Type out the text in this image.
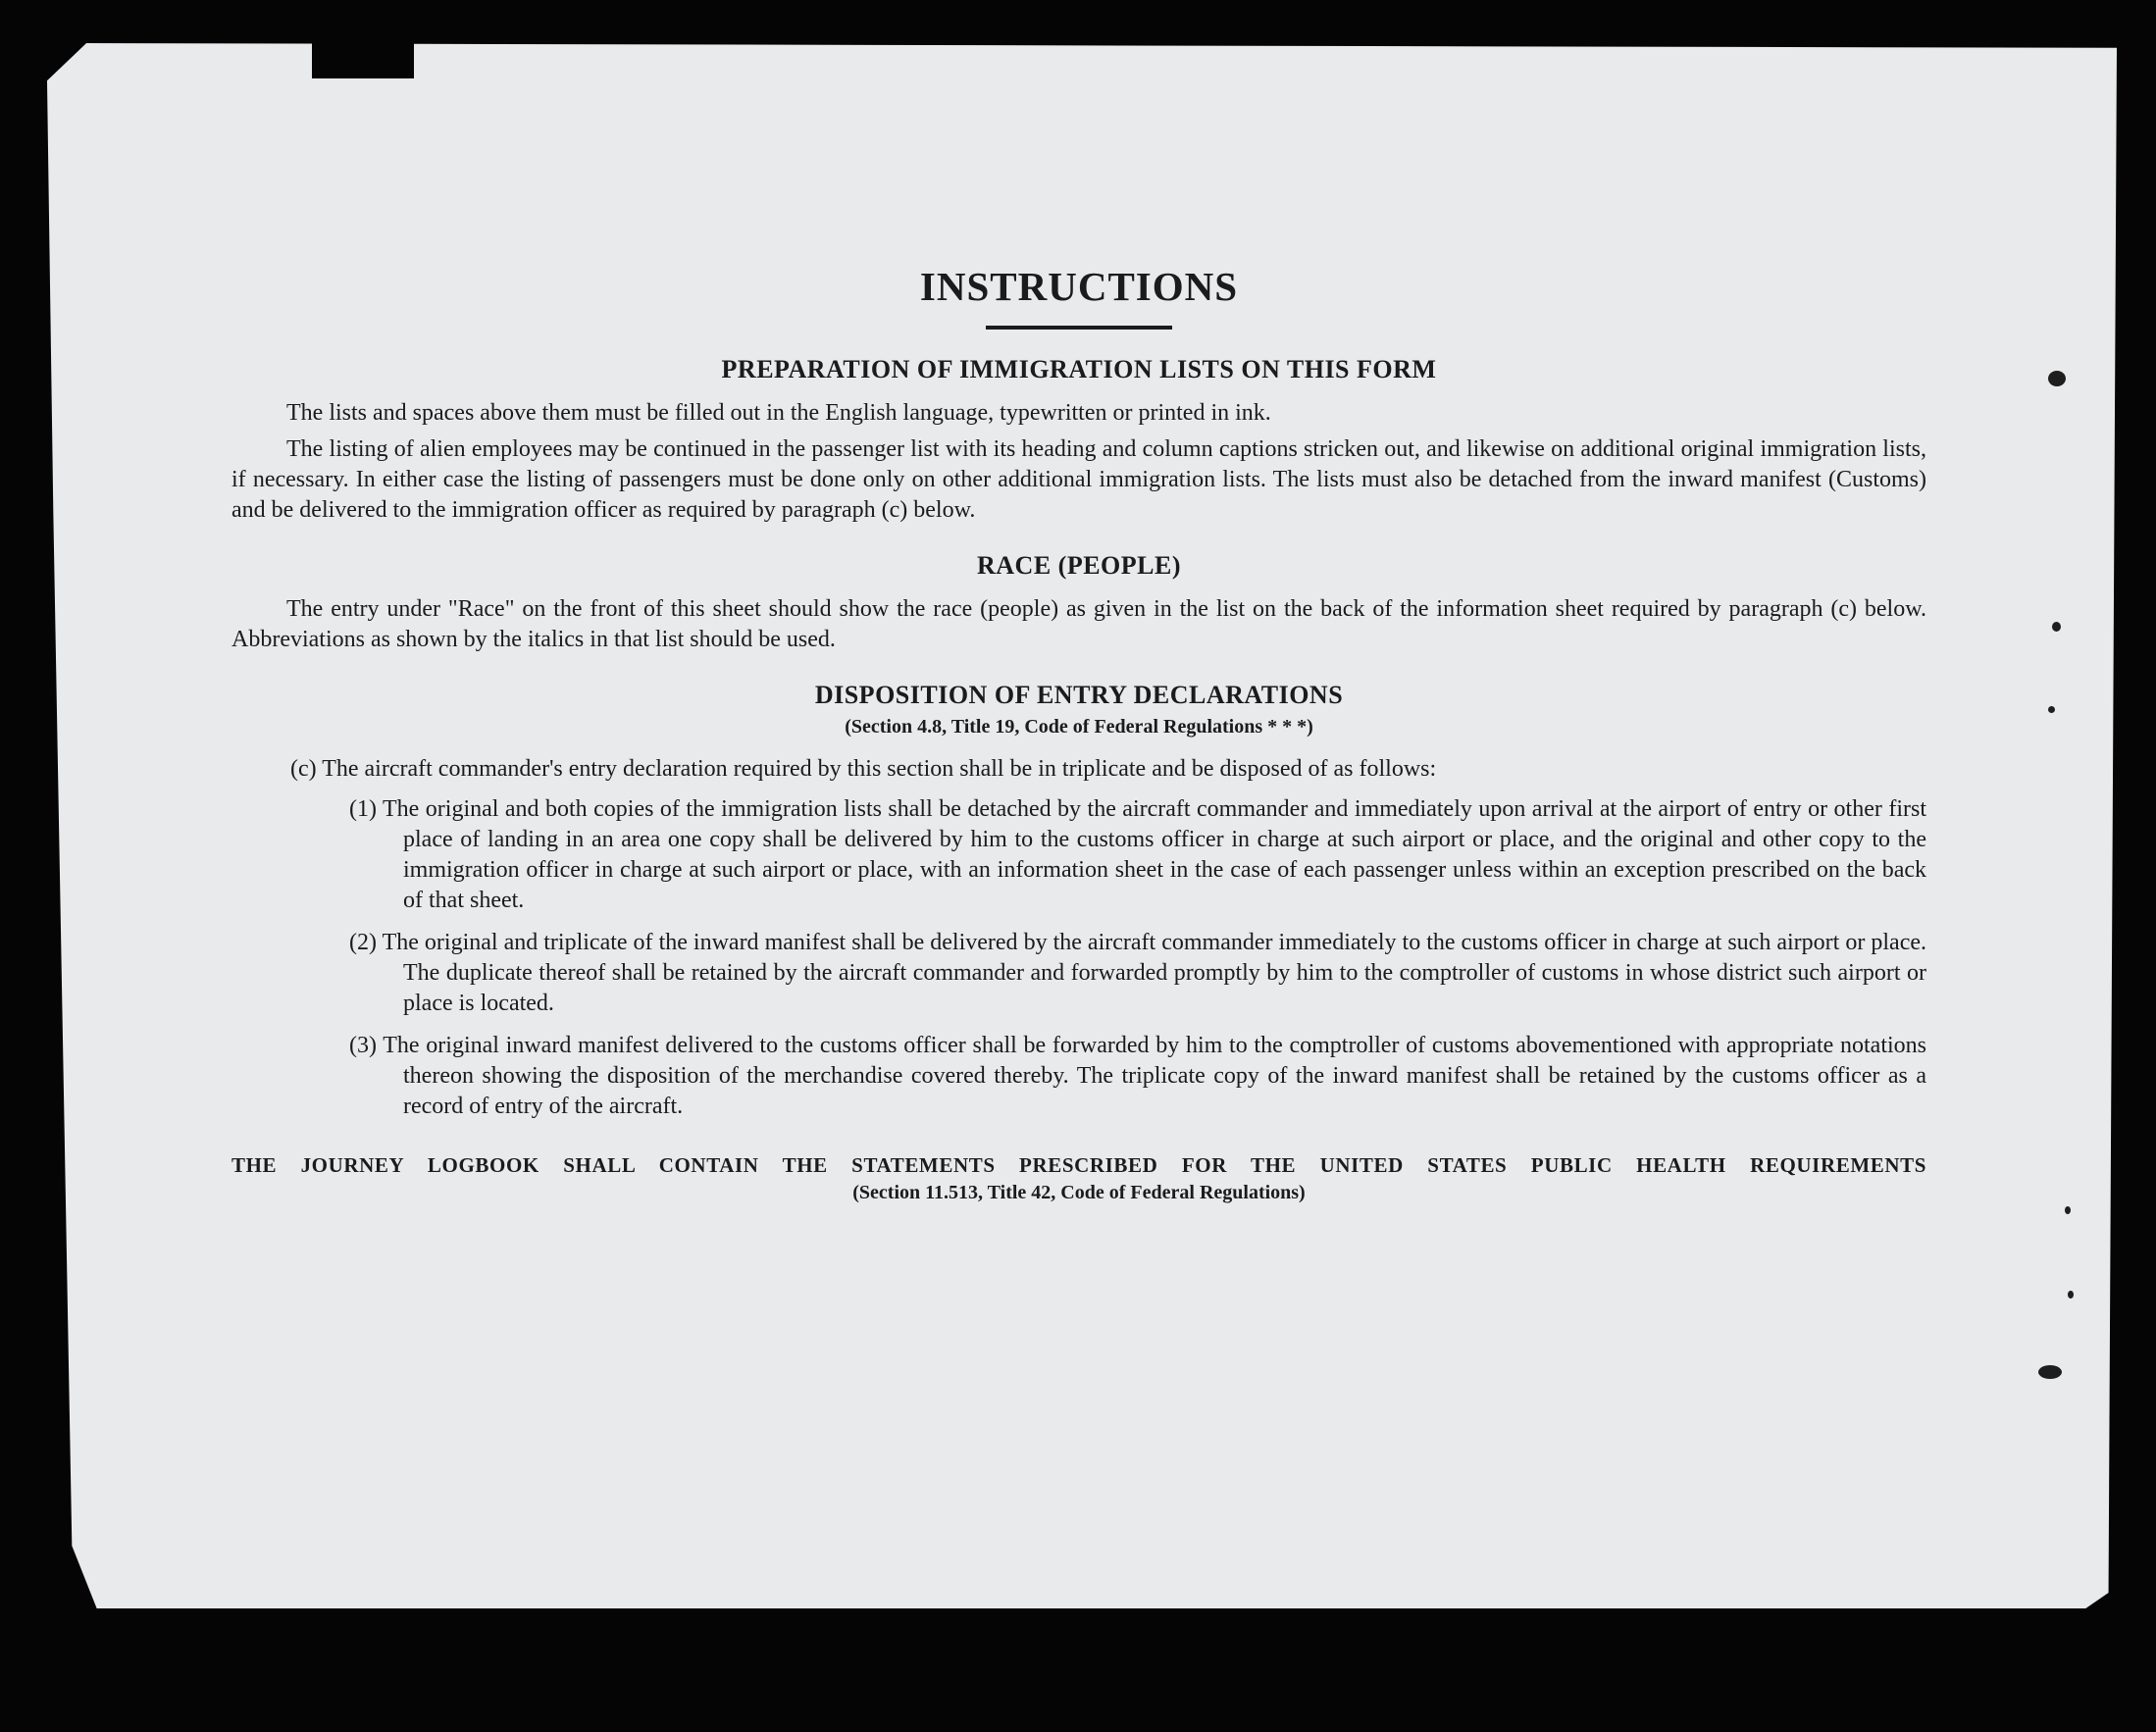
INSTRUCTIONS
PREPARATION OF IMMIGRATION LISTS ON THIS FORM

The lists and spaces above them must be filled out in the English language, typewritten or printed in ink.

The listing of alien employees may be continued in the passenger list with its heading and column captions stricken out, and likewise on additional original immigration lists, if necessary. In either case the listing of passengers must be done only on other additional immigration lists. The lists must also be detached from the inward manifest (Customs) and be delivered to the immigration officer as required by paragraph (c) below.

RACE (PEOPLE)

The entry under "Race" on the front of this sheet should show the race (people) as given in the list on the back of the information sheet required by paragraph (c) below. Abbreviations as shown by the italics in that list should be used.

DISPOSITION OF ENTRY DECLARATIONS
(Section 4.8, Title 19, Code of Federal Regulations * * *)
(c) The aircraft commander's entry declaration required by this section shall be in triplicate and be disposed of as follows:
(1) The original and both copies of the immigration lists shall be detached by the aircraft commander and immediately upon arrival at the airport of entry or other first place of landing in an area one copy shall be delivered by him to the customs officer in charge at such airport or place, and the original and other copy to the immigration officer in charge at such airport or place, with an information sheet in the case of each passenger unless within an exception prescribed on the back of that sheet.
(2) The original and triplicate of the inward manifest shall be delivered by the aircraft commander immediately to the customs officer in charge at such airport or place. The duplicate thereof shall be retained by the aircraft commander and forwarded promptly by him to the comptroller of customs in whose district such airport or place is located.
(3) The original inward manifest delivered to the customs officer shall be forwarded by him to the comptroller of customs abovementioned with appropriate notations thereon showing the disposition of the merchandise covered thereby. The triplicate copy of the inward manifest shall be retained by the customs officer as a record of entry of the aircraft.
THE JOURNEY LOGBOOK SHALL CONTAIN THE STATEMENTS PRESCRIBED FOR THE UNITED STATES PUBLIC HEALTH REQUIREMENTS
(Section 11.513, Title 42, Code of Federal Regulations)
